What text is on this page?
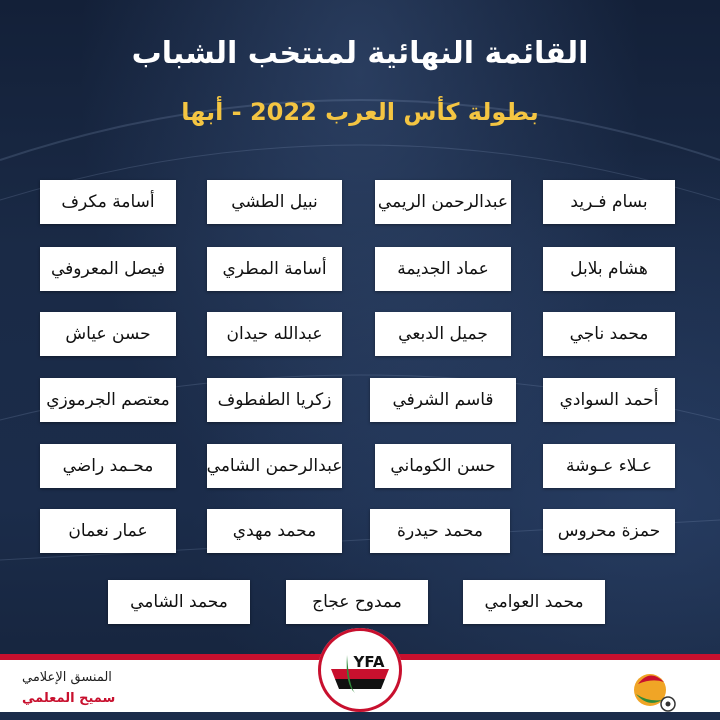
القائمة النهائية لمنتخب الشباب
بطولة كأس العرب 2022 - أبها
أسامة مكرف	نبيل الطشي	عبدالرحمن الريمي	بسام فـريد
فيصل المعروفي	أسامة المطري	عماد الجديمة	هشام بلابل
حسن عياش	عبدالله حيدان	جميل الدبعي	محمد ناجي
معتصم الجرموزي	زكريا الطفطوف	قاسم الشرفي	أحمد السوادي
محـمد راضي	عبدالرحمن الشامي	حسن الكوماني	عـلاء عـوشة
عمار نعمان	محمد مهدي	محمد حيدرة	حمزة محروس
محمد الشامي	ممدوح عجاج	محمد العوامي
المنسق الإعلامي
سميح المعلمي
YFA
